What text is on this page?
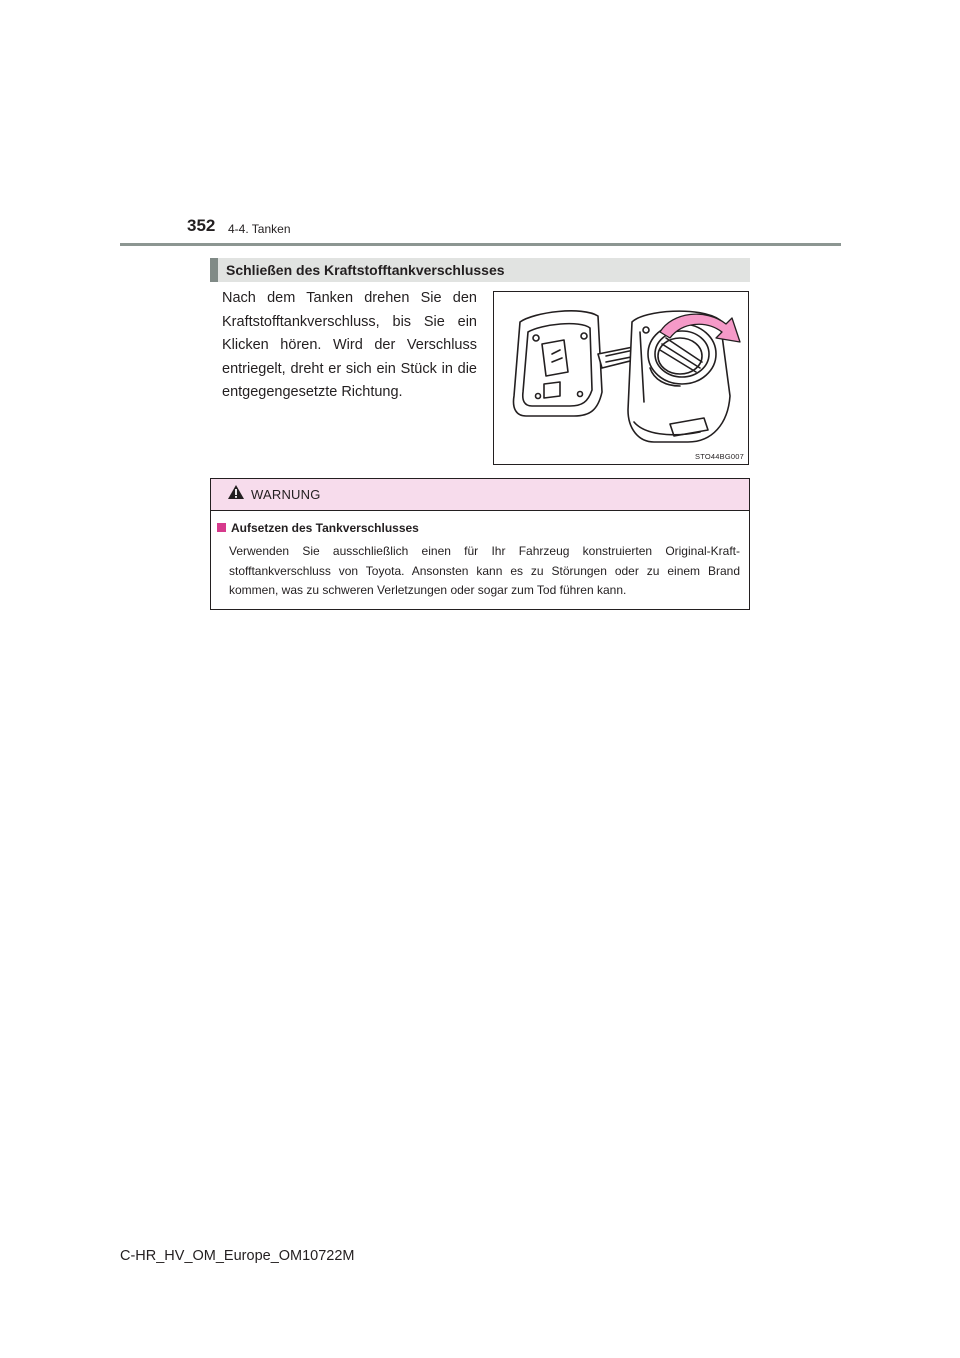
352 4-4. Tanken
Schließen des Kraftstofftankverschlusses
Nach dem Tanken drehen Sie den Kraftstofftankverschluss, bis Sie ein Klicken hören. Wird der Verschluss entriegelt, dreht er sich ein Stück in die entgegengesetzte Richtung.
STO44BG007
WARNUNG
Aufsetzen des Tankverschlusses
Verwenden Sie ausschließlich einen für Ihr Fahrzeug konstruierten Original-Kraft-stofftankverschluss von Toyota. Ansonsten kann es zu Störungen oder zu einem Brand kommen, was zu schweren Verletzungen oder sogar zum Tod führen kann.
C-HR_HV_OM_Europe_OM10722M
